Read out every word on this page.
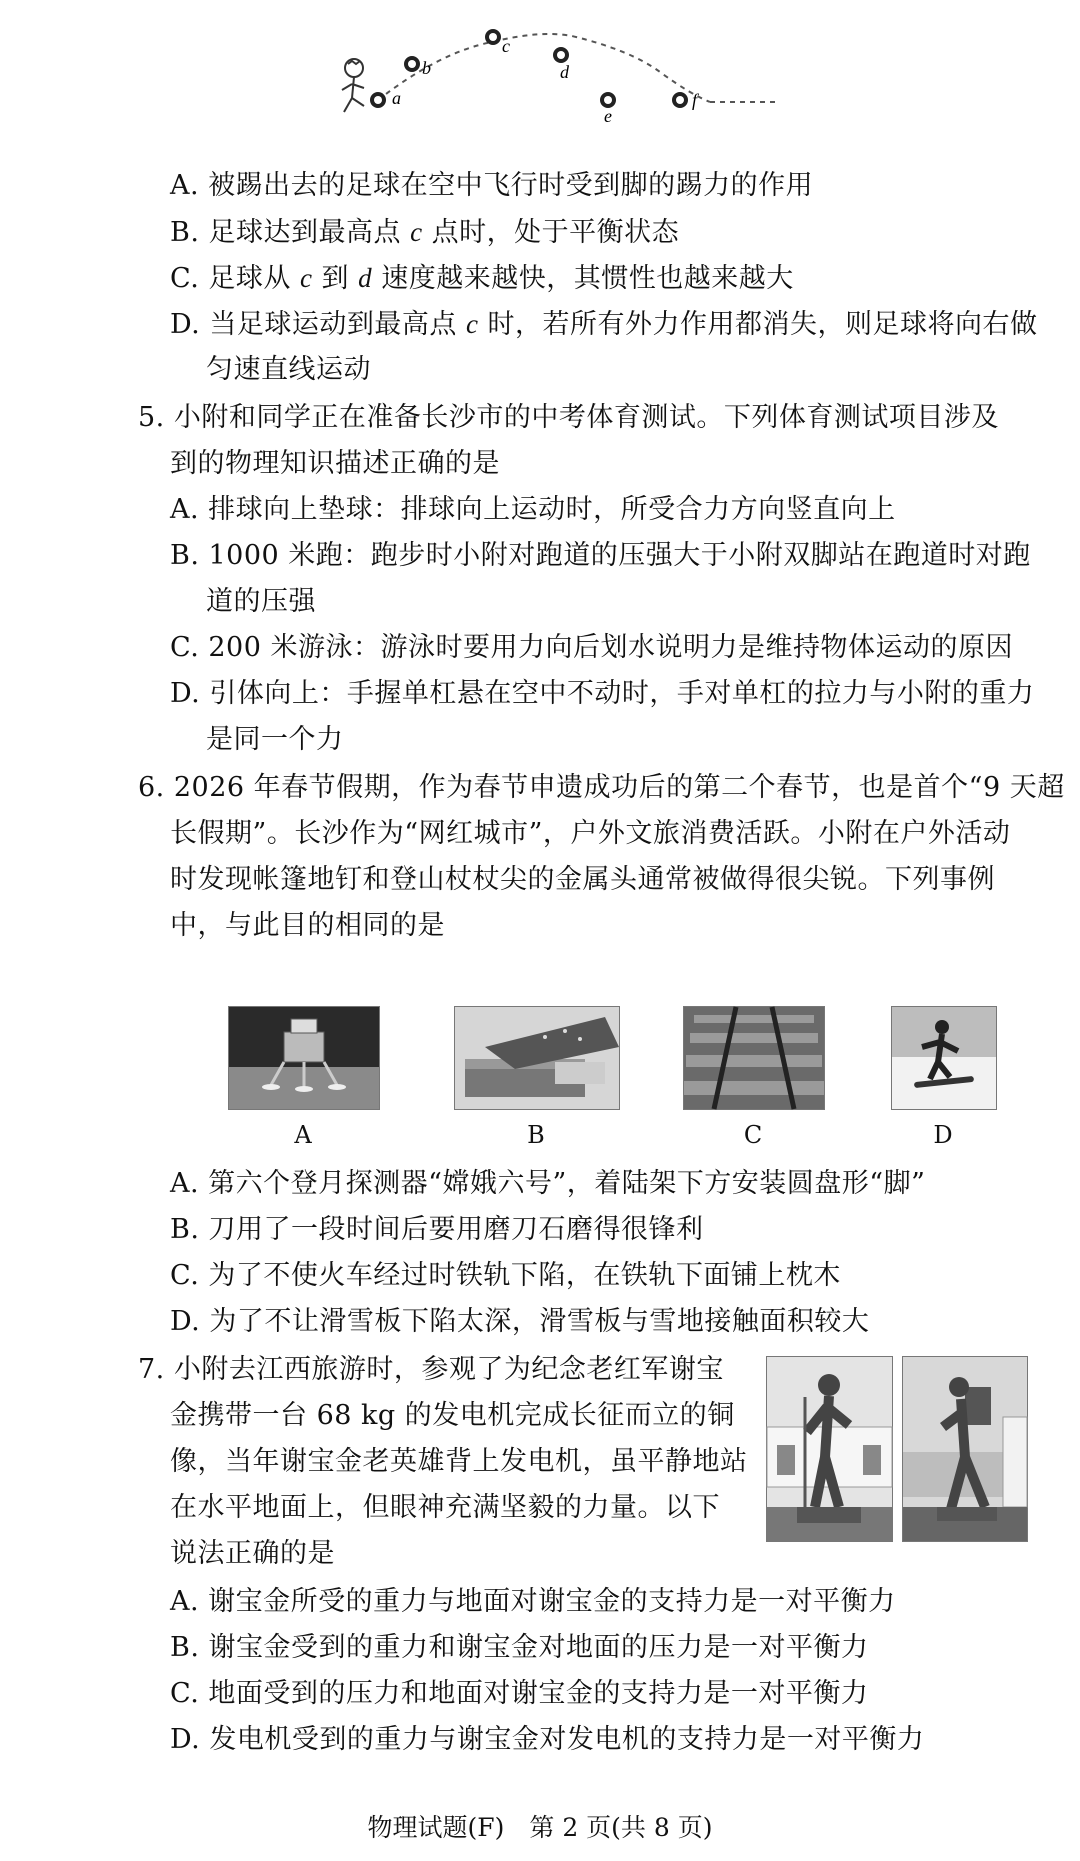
a
b
c
d
e
f
A. 被踢出去的足球在空中飞行时受到脚的踢力的作用
B. 足球达到最高点 c 点时，处于平衡状态
C. 足球从 c 到 d 速度越来越快，其惯性也越来越大
D. 当足球运动到最高点 c 时，若所有外力作用都消失，则足球将向右做
匀速直线运动
5. 小附和同学正在准备长沙市的中考体育测试。下列体育测试项目涉及
到的物理知识描述正确的是
A. 排球向上垫球：排球向上运动时，所受合力方向竖直向上
B. 1000 米跑：跑步时小附对跑道的压强大于小附双脚站在跑道时对跑
道的压强
C. 200 米游泳：游泳时要用力向后划水说明力是维持物体运动的原因
D. 引体向上：手握单杠悬在空中不动时，手对单杠的拉力与小附的重力
是同一个力
6. 2026 年春节假期，作为春节申遗成功后的第二个春节，也是首个“9 天超
长假期”。长沙作为“网红城市”，户外文旅消费活跃。小附在户外活动
时发现帐篷地钉和登山杖杖尖的金属头通常被做得很尖锐。下列事例
中，与此目的相同的是
A	B	C	D
A. 第六个登月探测器“嫦娥六号”，着陆架下方安装圆盘形“脚”
B. 刀用了一段时间后要用磨刀石磨得很锋利
C. 为了不使火车经过时铁轨下陷，在铁轨下面铺上枕木
D. 为了不让滑雪板下陷太深，滑雪板与雪地接触面积较大
7. 小附去江西旅游时，参观了为纪念老红军谢宝
金携带一台 68 kg 的发电机完成长征而立的铜
像，当年谢宝金老英雄背上发电机，虽平静地站
在水平地面上，但眼神充满坚毅的力量。以下
说法正确的是
A. 谢宝金所受的重力与地面对谢宝金的支持力是一对平衡力
B. 谢宝金受到的重力和谢宝金对地面的压力是一对平衡力
C. 地面受到的压力和地面对谢宝金的支持力是一对平衡力
D. 发电机受到的重力与谢宝金对发电机的支持力是一对平衡力
物理试题(F)　第 2 页(共 8 页)
